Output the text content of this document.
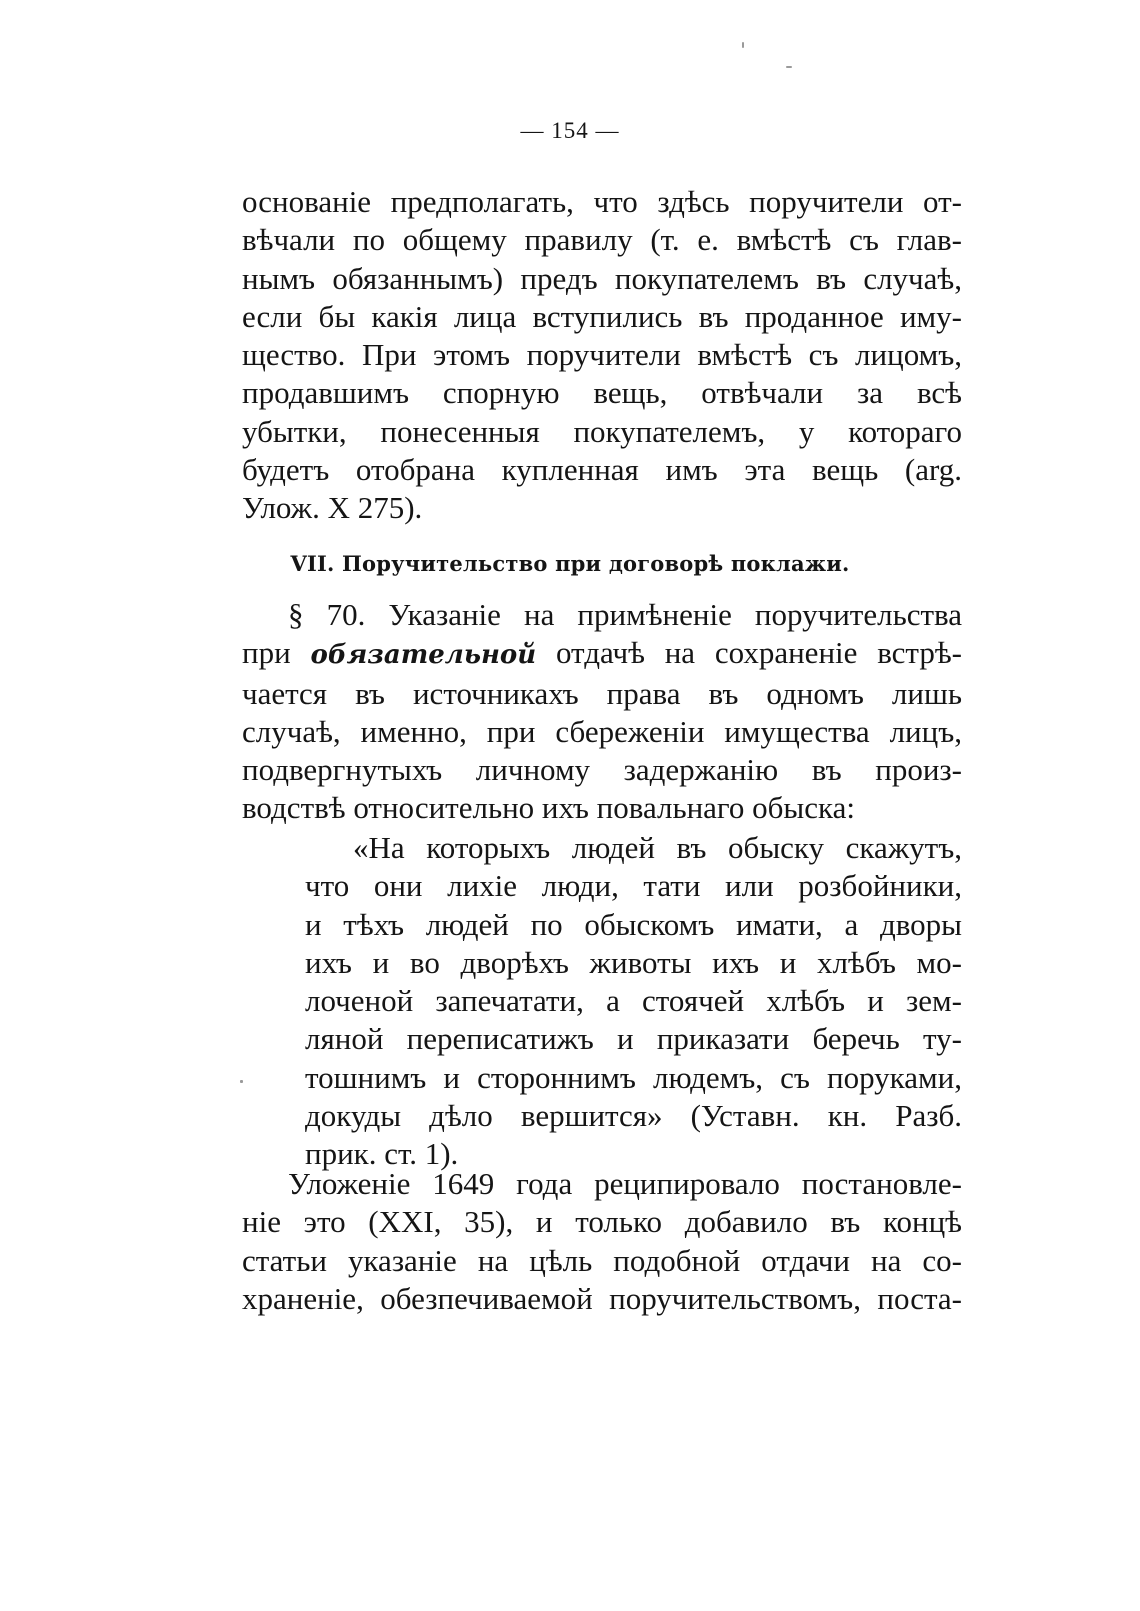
— 154 —
основанiе предполагать, что здѣсь поручители от-
вѣчали по общему правилу (т. е. вмѣстѣ съ глав-
нымъ обязаннымъ) предъ покупателемъ въ случаѣ,
если бы какiя лица вступились въ проданное иму-
щество. При этомъ поручители вмѣстѣ съ лицомъ,
продавшимъ спорную вещь, отвѣчали за всѣ
убытки, понесенныя покупателемъ, у котораго
будетъ отобрана купленная имъ эта вещь (arg.
Улож. X 275).
VII. Поручительство при договорѣ поклажи.
§ 70. Указанiе на примѣненiе поручительства
при обязательной отдачѣ на сохраненiе встрѣ-
чается въ источникахъ права въ одномъ лишь
случаѣ, именно, при сбереженiи имущества лицъ,
подвергнутыхъ личному задержанiю въ произ-
водствѣ относительно ихъ повальнаго обыска:
«На которыхъ людей въ обыску скажутъ,
что они лихiе люди, тати или розбойники,
и тѣхъ людей по обыскомъ имати, а дворы
ихъ и во дворѣхъ животы ихъ и хлѣбъ мо-
лоченой запечатати, а стоячей хлѣбъ и зем-
ляной переписатижъ и приказати беречь ту-
тошнимъ и стороннимъ людемъ, съ поруками,
докуды дѣло вершится» (Уставн. кн. Разб.
прик. ст. 1).
Уложенiе 1649 года реципировало постановле-
нiе это (XXI, 35), и только добавило въ концѣ
статьи указанiе на цѣль подобной отдачи на со-
храненiе, обезпечиваемой поручительствомъ, поста-
